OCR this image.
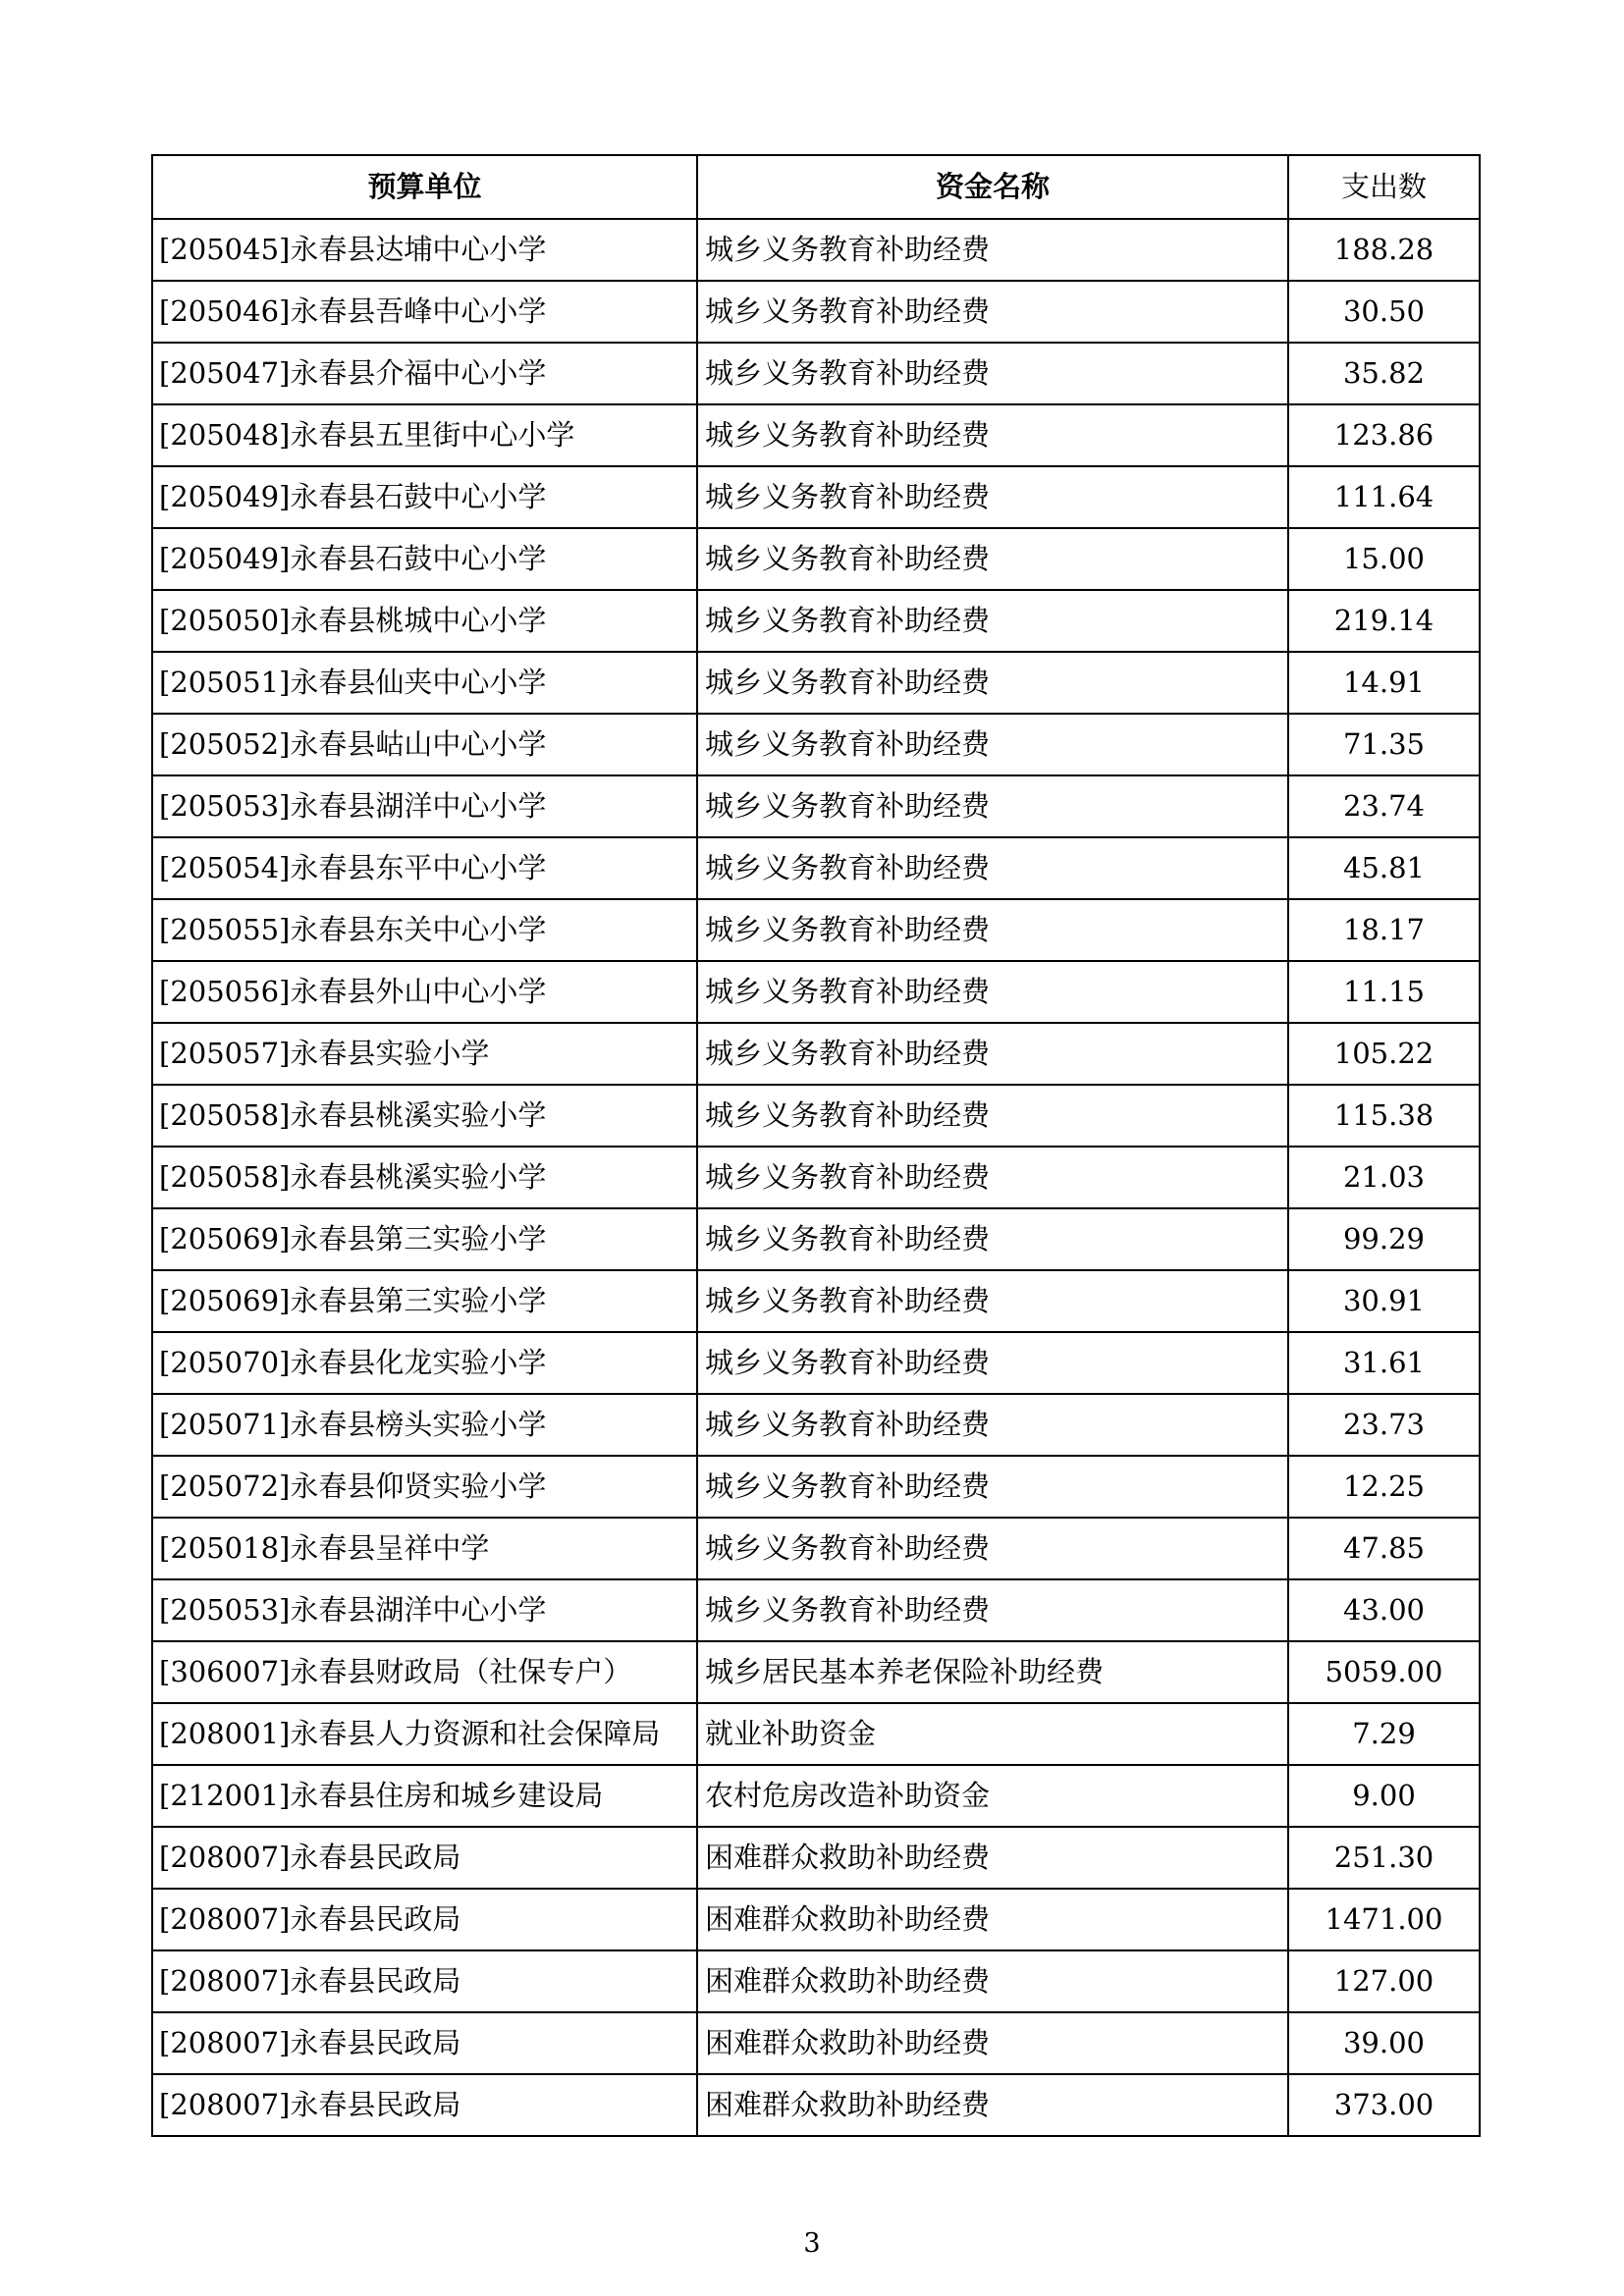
预算单位	资金名称	支出数
[205045]永春县达埔中心小学	城乡义务教育补助经费	188.28
[205046]永春县吾峰中心小学	城乡义务教育补助经费	30.50
[205047]永春县介福中心小学	城乡义务教育补助经费	35.82
[205048]永春县五里街中心小学	城乡义务教育补助经费	123.86
[205049]永春县石鼓中心小学	城乡义务教育补助经费	111.64
[205049]永春县石鼓中心小学	城乡义务教育补助经费	15.00
[205050]永春县桃城中心小学	城乡义务教育补助经费	219.14
[205051]永春县仙夹中心小学	城乡义务教育补助经费	14.91
[205052]永春县岵山中心小学	城乡义务教育补助经费	71.35
[205053]永春县湖洋中心小学	城乡义务教育补助经费	23.74
[205054]永春县东平中心小学	城乡义务教育补助经费	45.81
[205055]永春县东关中心小学	城乡义务教育补助经费	18.17
[205056]永春县外山中心小学	城乡义务教育补助经费	11.15
[205057]永春县实验小学	城乡义务教育补助经费	105.22
[205058]永春县桃溪实验小学	城乡义务教育补助经费	115.38
[205058]永春县桃溪实验小学	城乡义务教育补助经费	21.03
[205069]永春县第三实验小学	城乡义务教育补助经费	99.29
[205069]永春县第三实验小学	城乡义务教育补助经费	30.91
[205070]永春县化龙实验小学	城乡义务教育补助经费	31.61
[205071]永春县榜头实验小学	城乡义务教育补助经费	23.73
[205072]永春县仰贤实验小学	城乡义务教育补助经费	12.25
[205018]永春县呈祥中学	城乡义务教育补助经费	47.85
[205053]永春县湖洋中心小学	城乡义务教育补助经费	43.00
[306007]永春县财政局（社保专户）	城乡居民基本养老保险补助经费	5059.00
[208001]永春县人力资源和社会保障局	就业补助资金	7.29
[212001]永春县住房和城乡建设局	农村危房改造补助资金	9.00
[208007]永春县民政局	困难群众救助补助经费	251.30
[208007]永春县民政局	困难群众救助补助经费	1471.00
[208007]永春县民政局	困难群众救助补助经费	127.00
[208007]永春县民政局	困难群众救助补助经费	39.00
[208007]永春县民政局	困难群众救助补助经费	373.00
3
